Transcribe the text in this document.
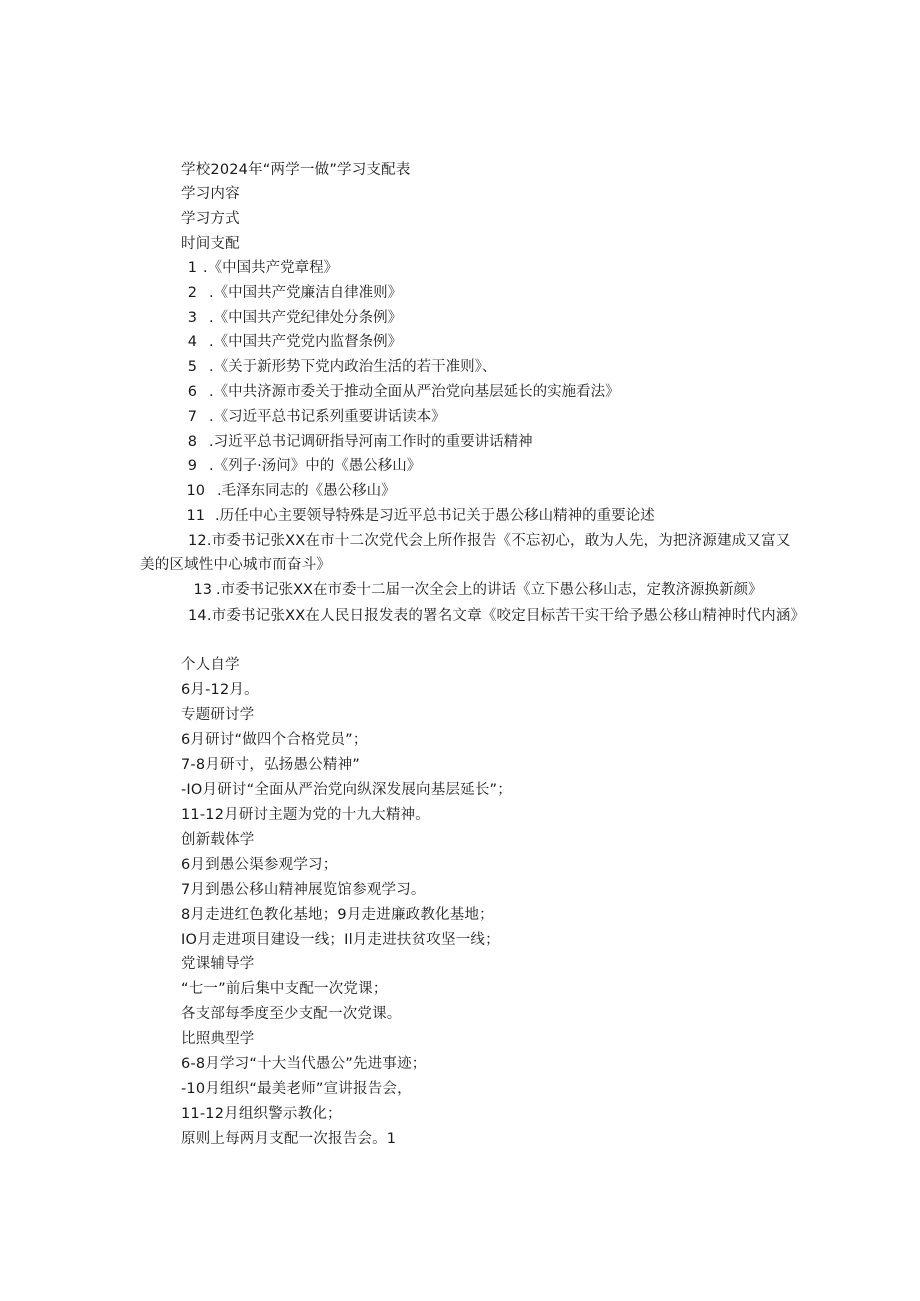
学校2024年“两学一做”学习支配表
学习内容
学习方式
时间支配
1 .《中国共产党章程》
2 .《中国共产党廉洁自律准则》
3 .《中国共产党纪律处分条例》
4 .《中国共产党党内监督条例》
5 .《关于新形势下党内政治生活的若干准则》、
6 .《中共济源市委关于推动全面从严治党向基层延长的实施看法》
7 .《习近平总书记系列重要讲话读本》
8 .习近平总书记调研指导河南工作时的重要讲话精神
9 .《列子·汤问》中的《愚公移山》
10 .毛泽东同志的《愚公移山》
11 .历任中心主要领导特殊是习近平总书记关于愚公移山精神的重要论述
12.市委书记张XX在市十二次党代会上所作报告《不忘初心，敢为人先，为把济源建成又富又美的区域性中心城市而奋斗》
13 .市委书记张XX在市委十二届一次全会上的讲话《立下愚公移山志，定教济源换新颜》
14.市委书记张XX在人民日报发表的署名文章《咬定目标苦干实干给予愚公移山精神时代内涵》
个人自学
6月-12月。
专题研讨学
6月研讨“做四个合格党员”；
7-8月研寸，弘扬愚公精神”
-IO月研讨“全面从严治党向纵深发展向基层延长”；
11-12月研讨主题为党的十九大精神。
创新载体学
6月到愚公渠参观学习；
7月到愚公移山精神展览馆参观学习。
8月走进红色教化基地；9月走进廉政教化基地；
IO月走进项目建设一线；Il月走进扶贫攻坚一线；
党课辅导学
“七一”前后集中支配一次党课；
各支部每季度至少支配一次党课。
比照典型学
6-8月学习“十大当代愚公”先进事迹；
-10月组织“最美老师”宣讲报告会，
11-12月组织警示教化；
原则上每两月支配一次报告会。1
